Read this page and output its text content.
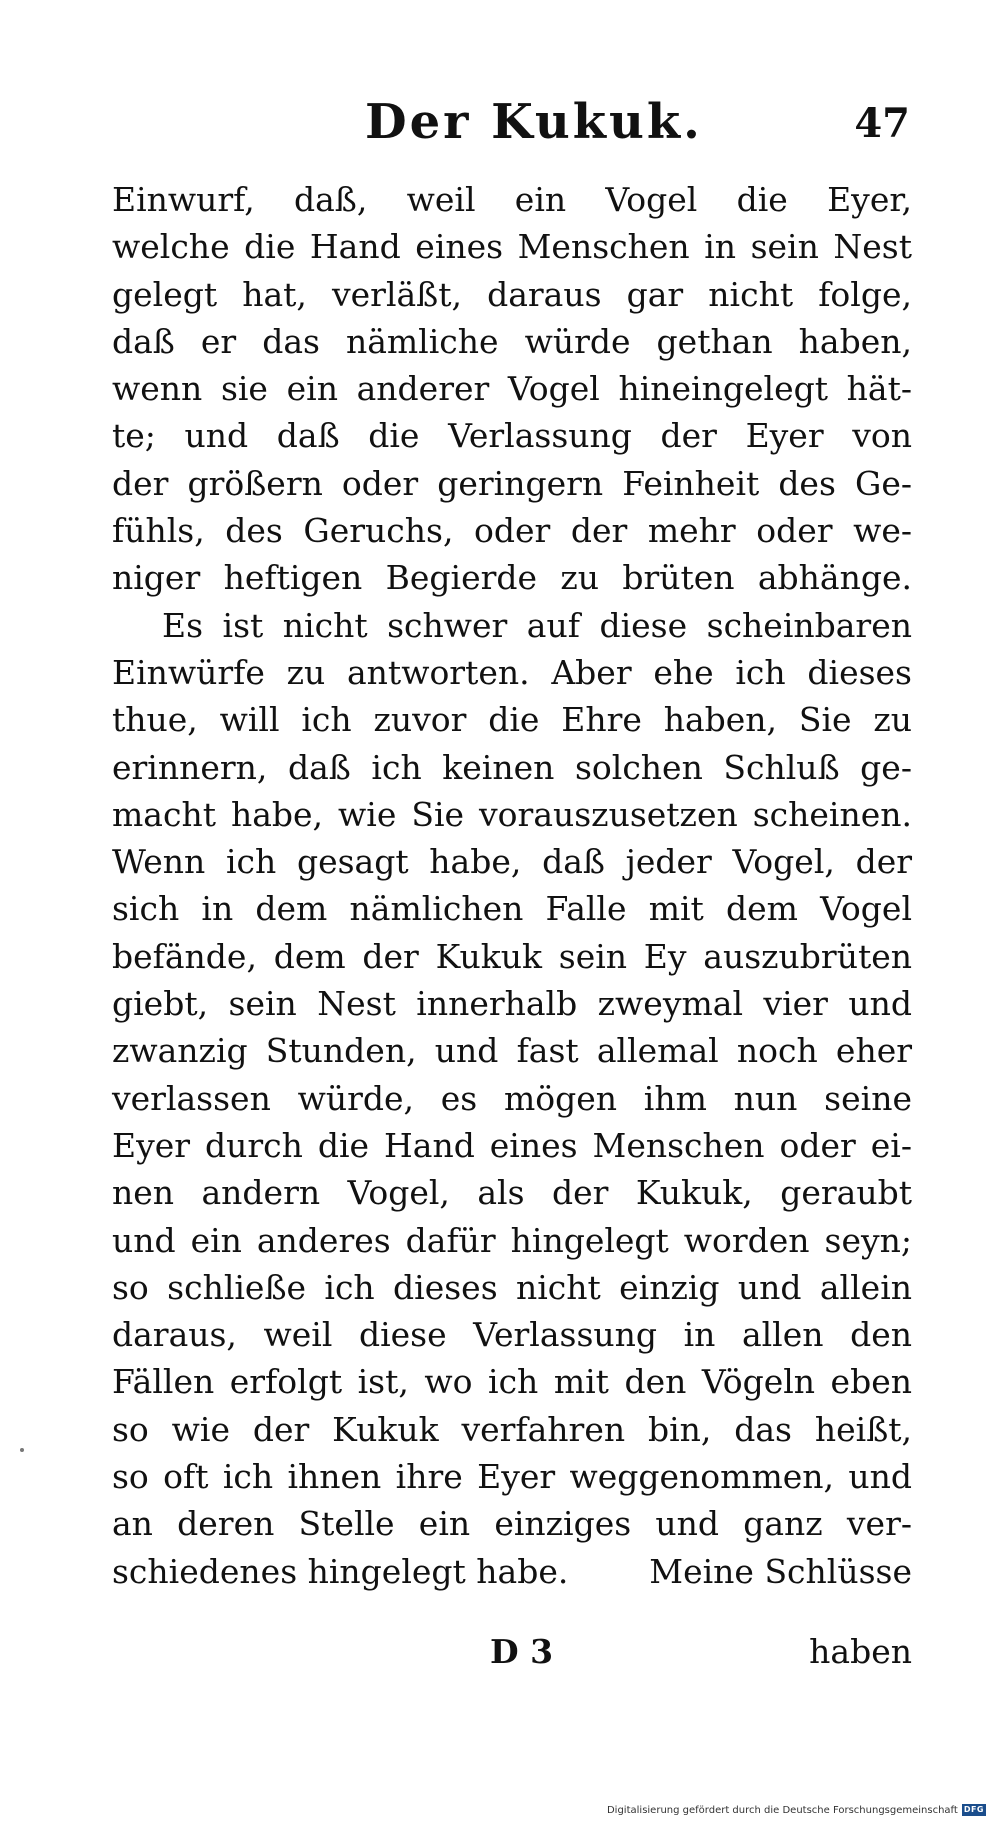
Der Kukuk.	47
Einwurf, daß, weil ein Vogel die Eyer,
welche die Hand eines Menschen in sein Nest
gelegt hat, verläßt, daraus gar nicht folge,
daß er das nämliche würde gethan haben,
wenn sie ein anderer Vogel hineingelegt hät-
te; und daß die Verlassung der Eyer von
der größern oder geringern Feinheit des Ge-
fühls, des Geruchs, oder der mehr oder we-
niger heftigen Begierde zu brüten abhänge.
Es ist nicht schwer auf diese scheinbaren
Einwürfe zu antworten. Aber ehe ich dieses
thue, will ich zuvor die Ehre haben, Sie zu
erinnern, daß ich keinen solchen Schluß ge-
macht habe, wie Sie vorauszusetzen scheinen.
Wenn ich gesagt habe, daß jeder Vogel, der
sich in dem nämlichen Falle mit dem Vogel
befände, dem der Kukuk sein Ey auszubrüten
giebt, sein Nest innerhalb zweymal vier und
zwanzig Stunden, und fast allemal noch eher
verlassen würde, es mögen ihm nun seine
Eyer durch die Hand eines Menschen oder ei-
nen andern Vogel, als der Kukuk, geraubt
und ein anderes dafür hingelegt worden seyn;
so schließe ich dieses nicht einzig und allein
daraus, weil diese Verlassung in allen den
Fällen erfolgt ist, wo ich mit den Vögeln eben
so wie der Kukuk verfahren bin, das heißt,
so oft ich ihnen ihre Eyer weggenommen, und
an deren Stelle ein einziges und ganz ver-
schiedenes hingelegt habe. Meine Schlüsse
D 3	haben
Digitalisierung gefördert durch die Deutsche Forschungsgemeinschaft DFG
